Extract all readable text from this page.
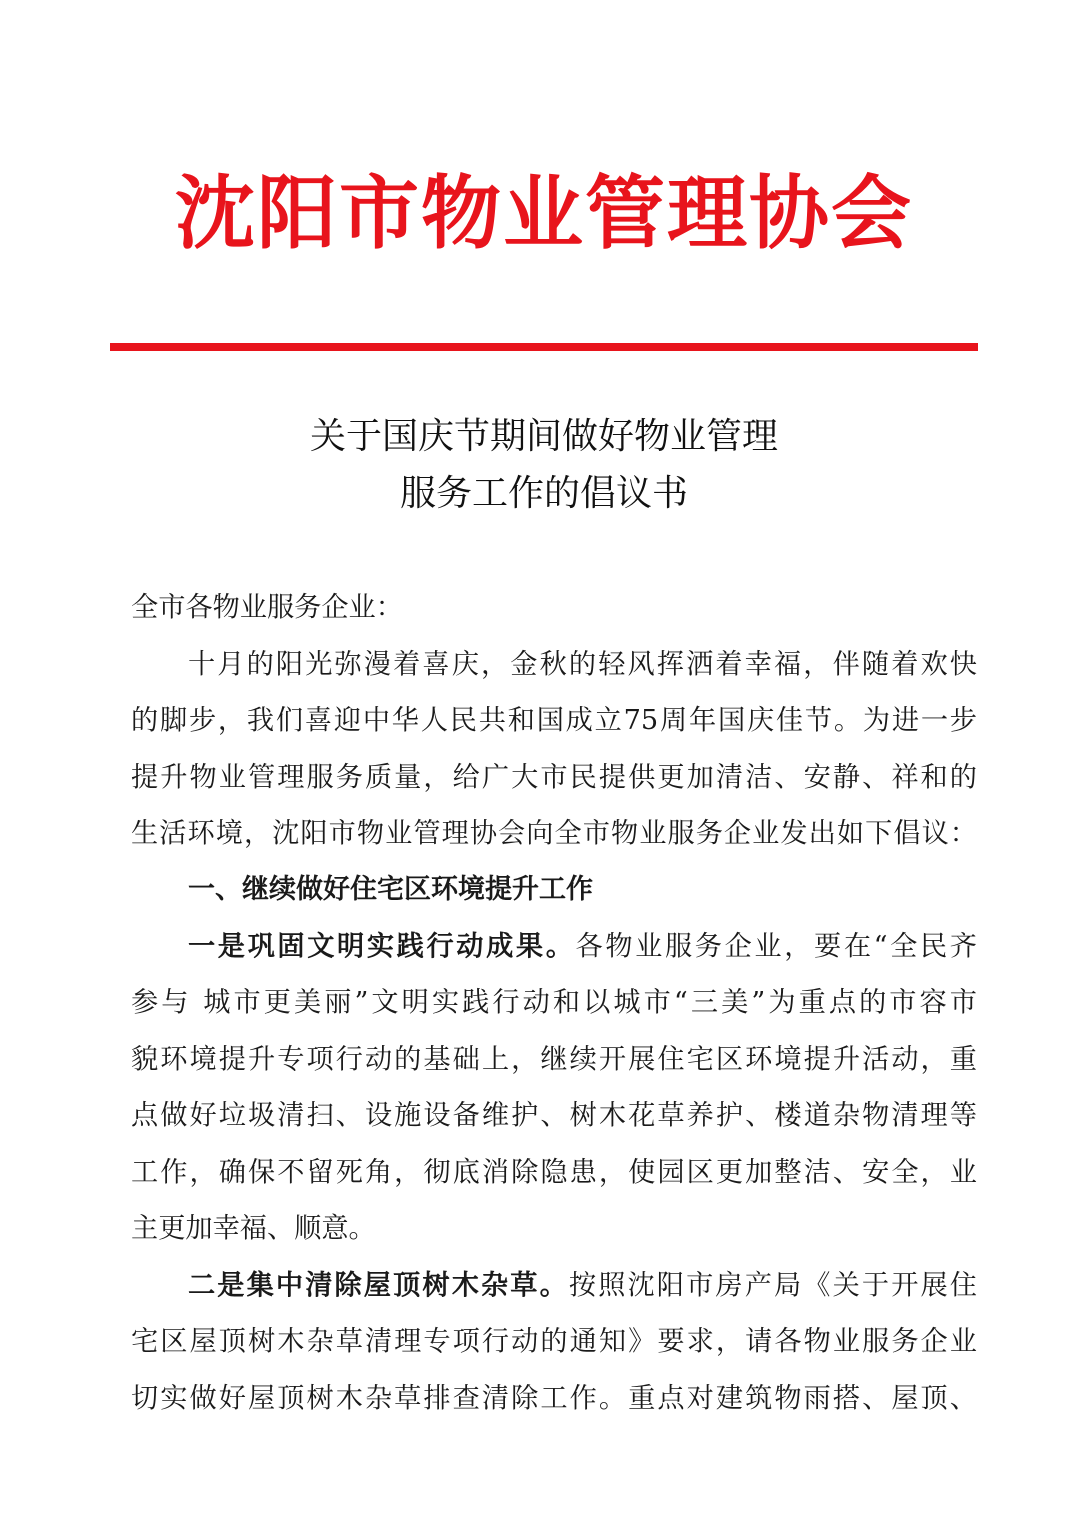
沈阳市物业管理协会
关于国庆节期间做好物业管理
服务工作的倡议书
全市各物业服务企业：
十月的阳光弥漫着喜庆，金秋的轻风挥洒着幸福，伴随着欢快
的脚步，我们喜迎中华人民共和国成立75周年国庆佳节。为进一步
提升物业管理服务质量，给广大市民提供更加清洁、安静、祥和的
生活环境，沈阳市物业管理协会向全市物业服务企业发出如下倡议：
一、继续做好住宅区环境提升工作
一是巩固文明实践行动成果。各物业服务企业，要在“全民齐
参与 城市更美丽”文明实践行动和以城市“三美”为重点的市容市
貌环境提升专项行动的基础上，继续开展住宅区环境提升活动，重
点做好垃圾清扫、设施设备维护、树木花草养护、楼道杂物清理等
工作，确保不留死角，彻底消除隐患，使园区更加整洁、安全，业
主更加幸福、顺意。
二是集中清除屋顶树木杂草。按照沈阳市房产局《关于开展住
宅区屋顶树木杂草清理专项行动的通知》要求，请各物业服务企业
切实做好屋顶树木杂草排查清除工作。重点对建筑物雨搭、屋顶、
